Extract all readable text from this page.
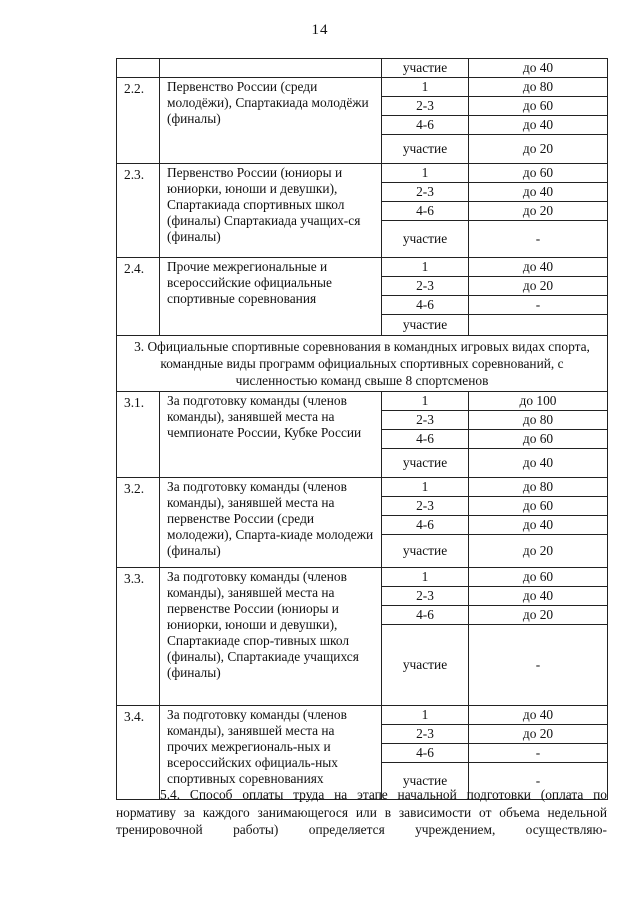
14
		участие	до 40
2.2.	Первенство России (среди молодёжи), Спартакиада молодёжи (финалы)	1	до 80
		2-3	до 60
		4-6	до 40
		участие	до 20
2.3.	Первенство России (юниоры и юниорки, юноши и девушки), Спартакиада спортивных школ (финалы) Спартакиада учащих-ся (финалы)	1	до 60
		2-3	до 40
		4-6	до 20
		участие	-
2.4.	Прочие межрегиональные и всероссийские официальные спортивные соревнования	1	до 40
		2-3	до 20
		4-6	-
		участие	
3. Официальные спортивные соревнования в командных игровых видах спорта, командные виды программ официальных спортивных соревнований, с численностью команд свыше 8 спортсменов			
3.1.	За подготовку команды (членов команды), занявшей места на чемпионате России, Кубке России	1	до 100
		2-3	до 80
		4-6	до 60
		участие	до 40
3.2.	За подготовку команды (членов команды), занявшей места на первенстве России (среди молодежи), Спарта-киаде молодежи (финалы)	1	до 80
		2-3	до 60
		4-6	до 40
		участие	до 20
3.3.	За подготовку команды (членов команды), занявшей места на первенстве России (юниоры и юниорки, юноши и девушки), Спартакиаде спор-тивных школ (финалы), Спартакиаде учащихся (финалы)	1	до 60
		2-3	до 40
		4-6	до 20
		участие	-
3.4.	За подготовку команды (членов команды), занявшей места на прочих межрегиональ-ных и всероссийских официаль-ных спортивных соревнованиях	1	до 40
		2-3	до 20
		4-6	-
		участие	-

5.4. Способ оплаты труда на этапе начальной подготовки (оплата по нормативу за каждого занимающегося или в зависимости от объема недельной тренировочной работы) определяется учреждением, осуществляю-
